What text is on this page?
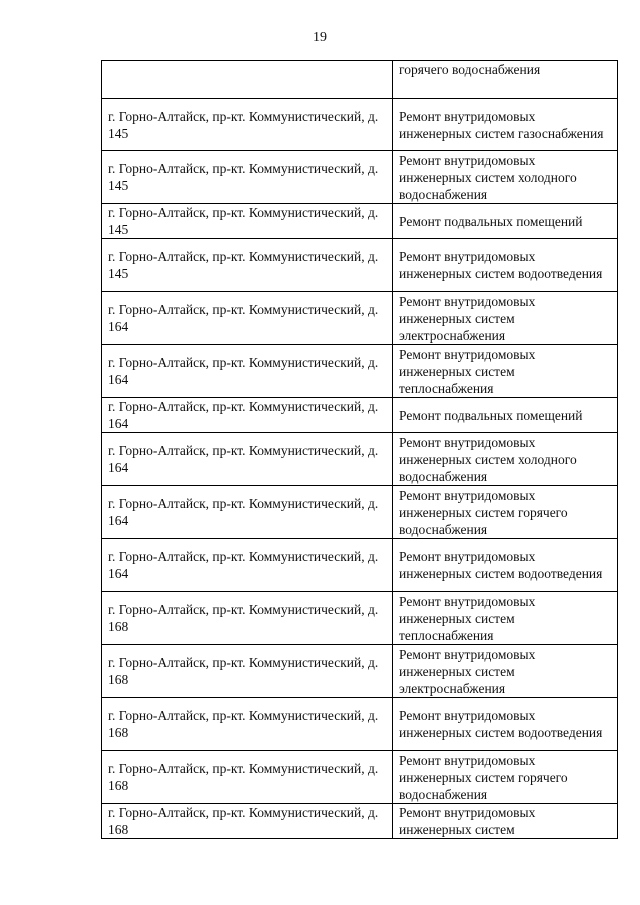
19
	горячего водоснабжения
г. Горно-Алтайск, пр-кт. Коммунистический, д. 145	Ремонт внутридомовых инженерных систем газоснабжения
г. Горно-Алтайск, пр-кт. Коммунистический, д. 145	Ремонт внутридомовых инженерных систем холодного водоснабжения
г. Горно-Алтайск, пр-кт. Коммунистический, д. 145	Ремонт подвальных помещений
г. Горно-Алтайск, пр-кт. Коммунистический, д. 145	Ремонт внутридомовых инженерных систем водоотведения
г. Горно-Алтайск, пр-кт. Коммунистический, д. 164	Ремонт внутридомовых инженерных систем электроснабжения
г. Горно-Алтайск, пр-кт. Коммунистический, д. 164	Ремонт внутридомовых инженерных систем теплоснабжения
г. Горно-Алтайск, пр-кт. Коммунистический, д. 164	Ремонт подвальных помещений
г. Горно-Алтайск, пр-кт. Коммунистический, д. 164	Ремонт внутридомовых инженерных систем холодного водоснабжения
г. Горно-Алтайск, пр-кт. Коммунистический, д. 164	Ремонт внутридомовых инженерных систем горячего водоснабжения
г. Горно-Алтайск, пр-кт. Коммунистический, д. 164	Ремонт внутридомовых инженерных систем водоотведения
г. Горно-Алтайск, пр-кт. Коммунистический, д. 168	Ремонт внутридомовых инженерных систем теплоснабжения
г. Горно-Алтайск, пр-кт. Коммунистический, д. 168	Ремонт внутридомовых инженерных систем электроснабжения
г. Горно-Алтайск, пр-кт. Коммунистический, д. 168	Ремонт внутридомовых инженерных систем водоотведения
г. Горно-Алтайск, пр-кт. Коммунистический, д. 168	Ремонт внутридомовых инженерных систем горячего водоснабжения
г. Горно-Алтайск, пр-кт. Коммунистический, д. 168	Ремонт внутридомовых инженерных систем
